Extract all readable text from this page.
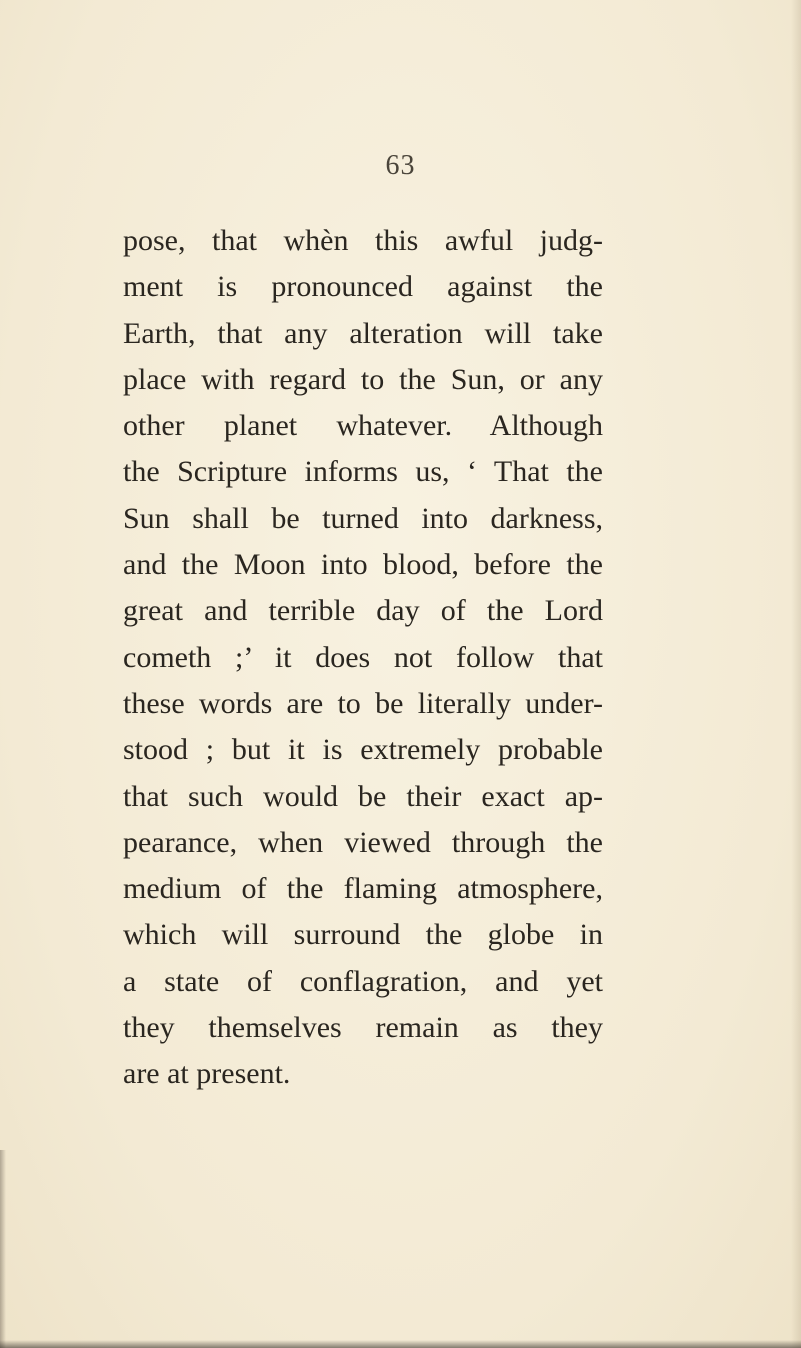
63
pose, that whèn this awful judg-
ment is pronounced against the
Earth, that any alteration will take
place with regard to the Sun, or any
other planet whatever. Although
the Scripture informs us, ‘ That the
Sun shall be turned into darkness,
and the Moon into blood, before the
great and terrible day of the Lord
cometh ;’ it does not follow that
these words are to be literally under-
stood ; but it is extremely probable
that such would be their exact ap-
pearance, when viewed through the
medium of the flaming atmosphere,
which will surround the globe in
a state of conflagration, and yet
they themselves remain as they
are at present.
